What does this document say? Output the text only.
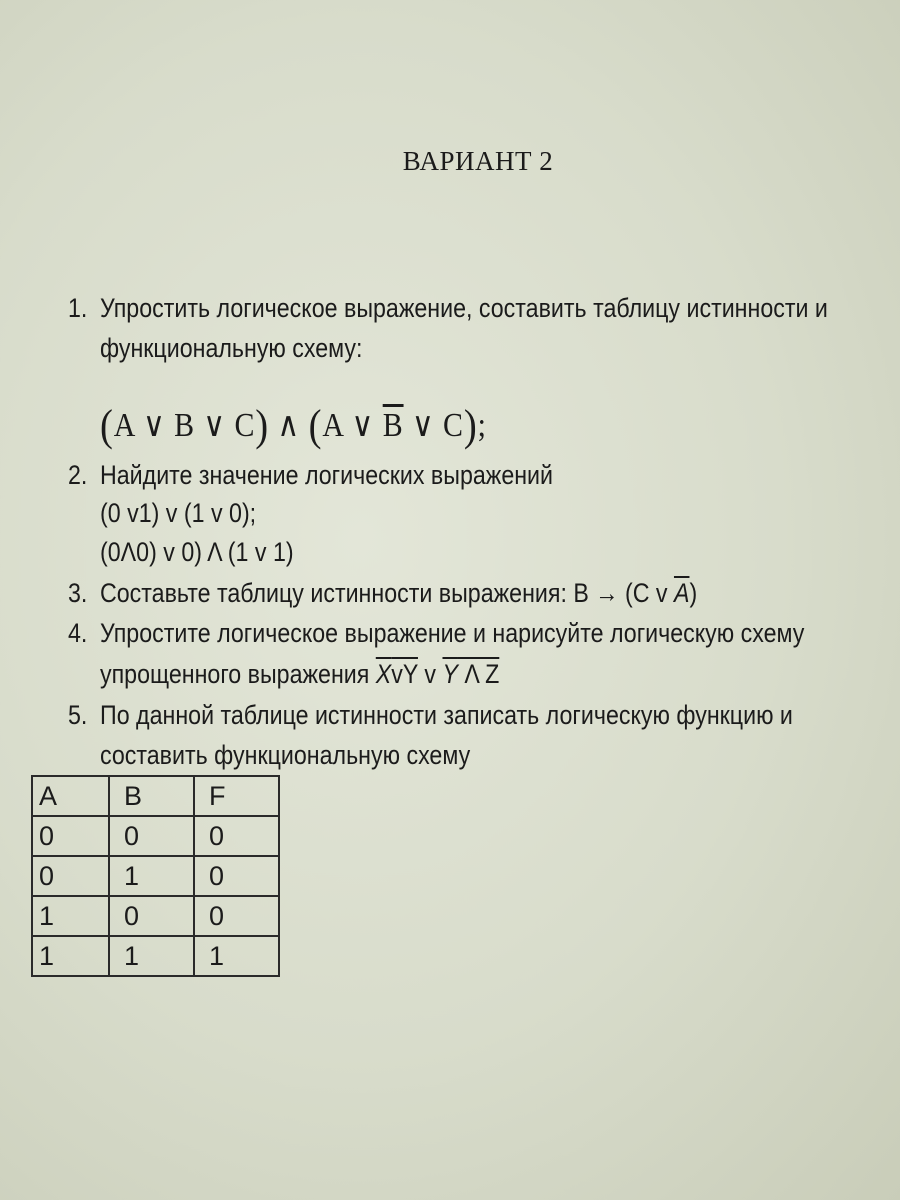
ВАРИАНТ 2
1. Упростить логическое выражение, составить таблицу истинности и
функциональную схему:
(A ∨ B ∨ C) ∧ (A ∨ $\overline{B}$ ∨ C);
2. Найдите значение логических выражений
(0 v1) v (1 v 0);
(0Λ0) v 0) Λ (1 v 1)
3. Составьте таблицу истинности выражения: B → (C v $\overline{A}$)
4. Упростите логическое выражение и нарисуйте логическую схему
упрощенного выражения XvY v Y Λ Z
5. По данной таблице истинности записать логическую функцию и
составить функциональную схему
A	B	F
0	0	0
0	1	0
1	0	0
1	1	1
